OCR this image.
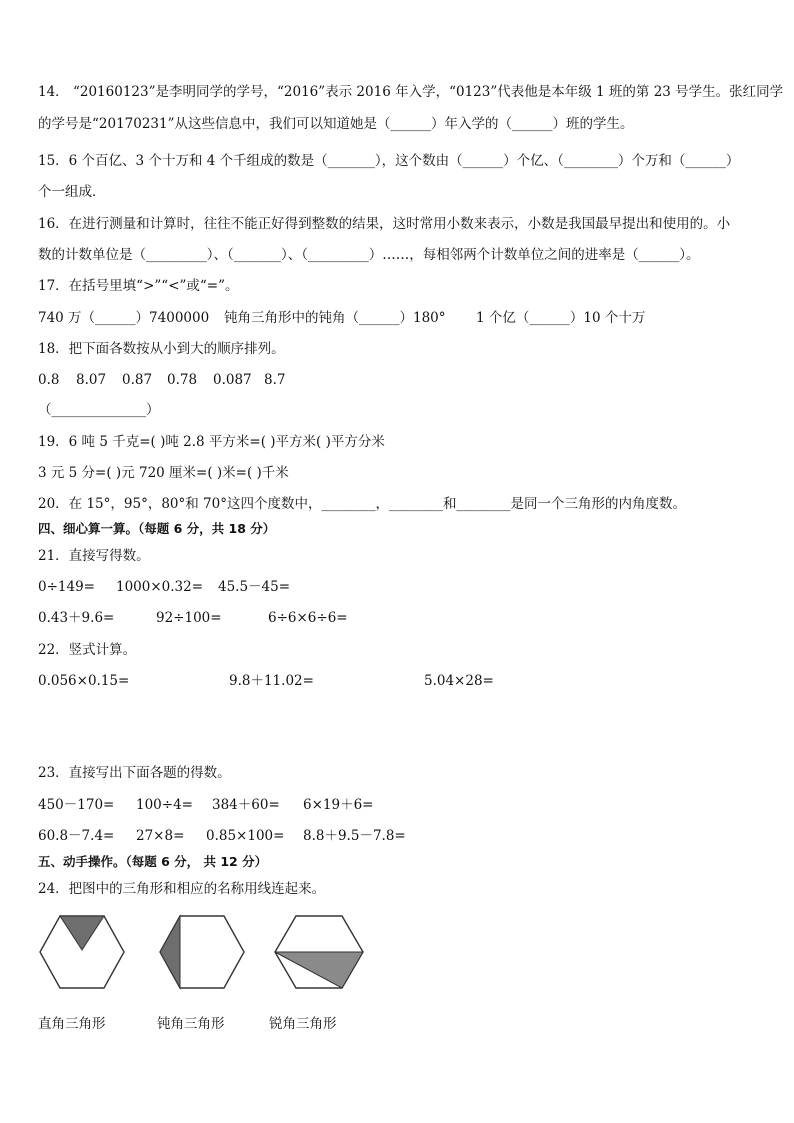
14． “20160123”是李明同学的学号，“2016”表示 2016 年入学，“0123”代表他是本年级 1 班的第 23 号学生。张红同学
的学号是“20170231”从这些信息中，我们可以知道她是（______）年入学的（______）班的学生。
15．6 个百亿、3 个十万和 4 个千组成的数是（_______），这个数由（______）个亿、（________）个万和（______）
个一组成．
16．在进行测量和计算时，往往不能正好得到整数的结果，这时常用小数来表示，小数是我国最早提出和使用的。小
数的计数单位是（_________）、（_______）、（_________）……，每相邻两个计数单位之间的进率是（______）。
17．在括号里填“>”“<”或“=”。
740 万（______）7400000 钝角三角形中的钝角（______）180° 1 个亿（______）10 个十万
18．把下面各数按从小到大的顺序排列。
0.8 8.07 0.87 0.78 0.087 8.7
（______________）
19．6 吨 5 千克=( )吨 2.8 平方米=( )平方米( )平方分米
3 元 5 分=( )元 720 厘米=( )米=( )千米
20．在 15°，95°，80°和 70°这四个度数中，________，________和________是同一个三角形的内角度数。
四、细心算一算。（每题 6 分，共 18 分）
21．直接写得数。
0÷149= 1000×0.32= 45.5－45=
0.43＋9.6=	92÷100=	6÷6×6÷6=
22．竖式计算。
0.056×0.15=	9.8＋11.02=	5.04×28=
23．直接写出下面各题的得数。
450－170= 100÷4= 384＋60= 6×19＋6=
60.8－7.4= 27×8= 0.85×100= 8.8＋9.5－7.8=
五、动手操作。（每题 6 分， 共 12 分）
24．把图中的三角形和相应的名称用线连起来。
直角三角形	钝角三角形	锐角三角形
